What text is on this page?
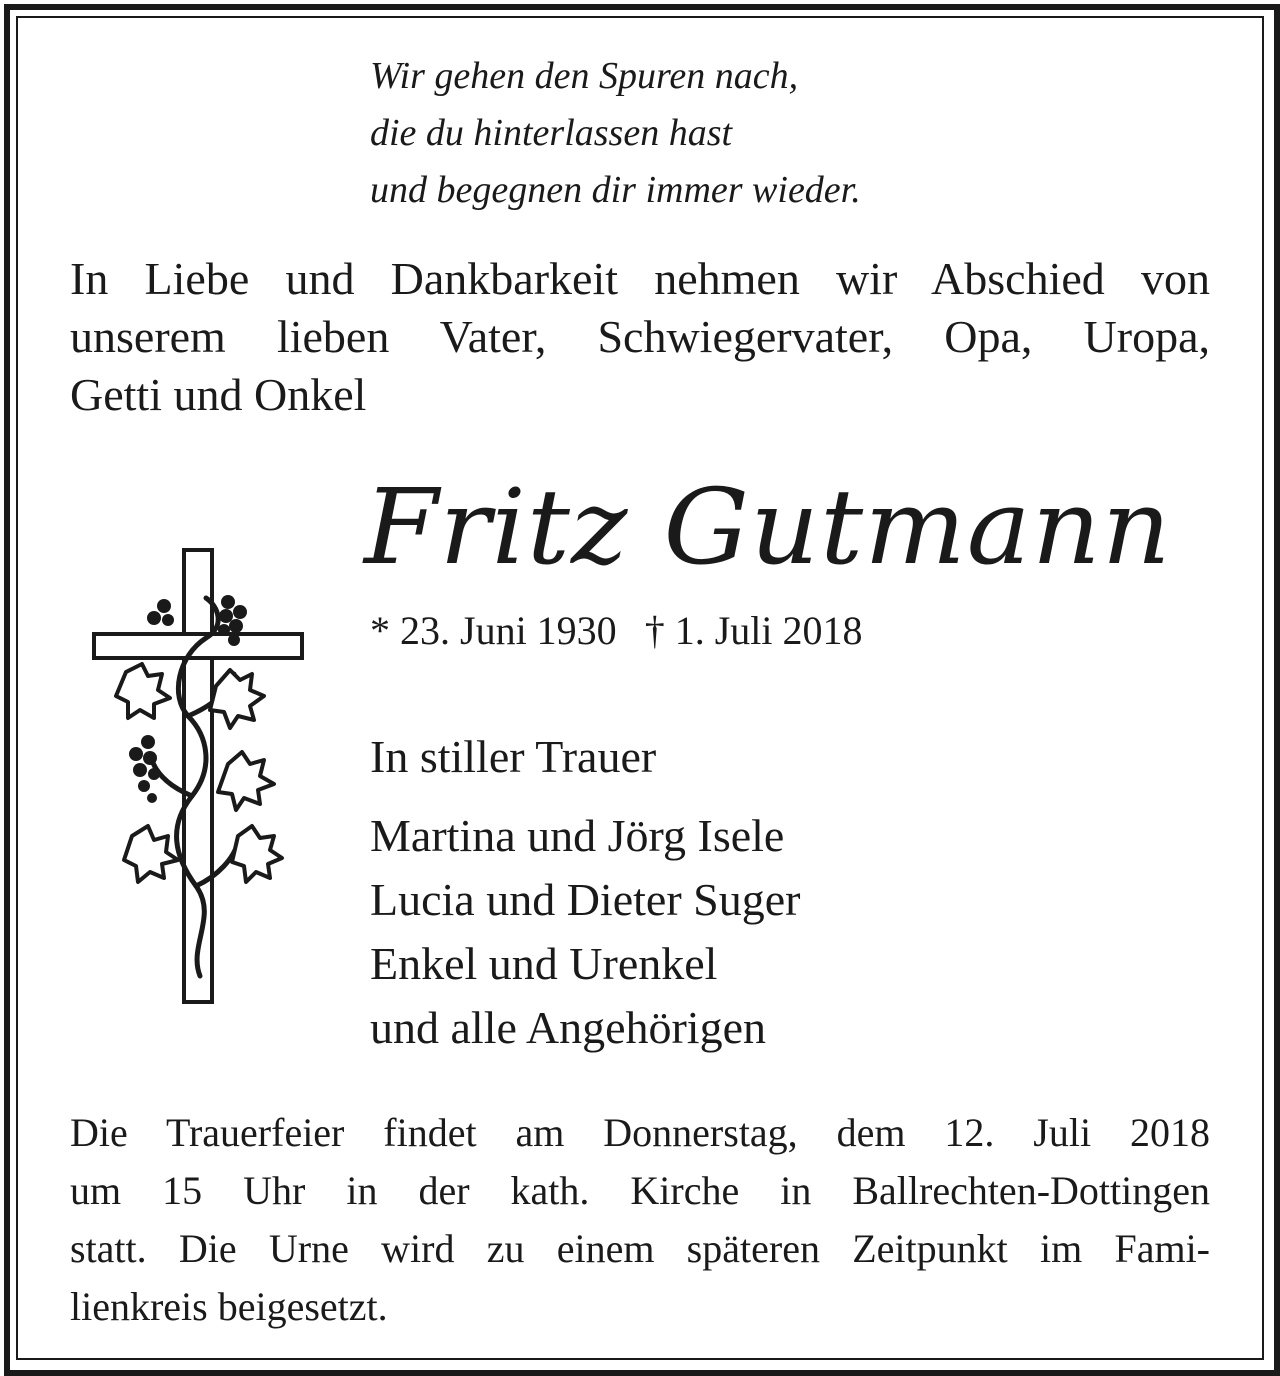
Wir gehen den Spuren nach,
die du hinterlassen hast
und begegnen dir immer wieder.
In Liebe und Dankbarkeit nehmen wir Abschied von
unserem lieben Vater, Schwiegervater, Opa, Uropa,
Getti und Onkel
Fritz Gutmann
* 23. Juni 1930 † 1. Juli 2018
In stiller Trauer
Martina und Jörg Isele
Lucia und Dieter Suger
Enkel und Urenkel
und alle Angehörigen
Die Trauerfeier findet am Donnerstag, dem 12. Juli 2018
um 15 Uhr in der kath. Kirche in Ballrechten-Dottingen
statt. Die Urne wird zu einem späteren Zeitpunkt im Fami-
lienkreis beigesetzt.
